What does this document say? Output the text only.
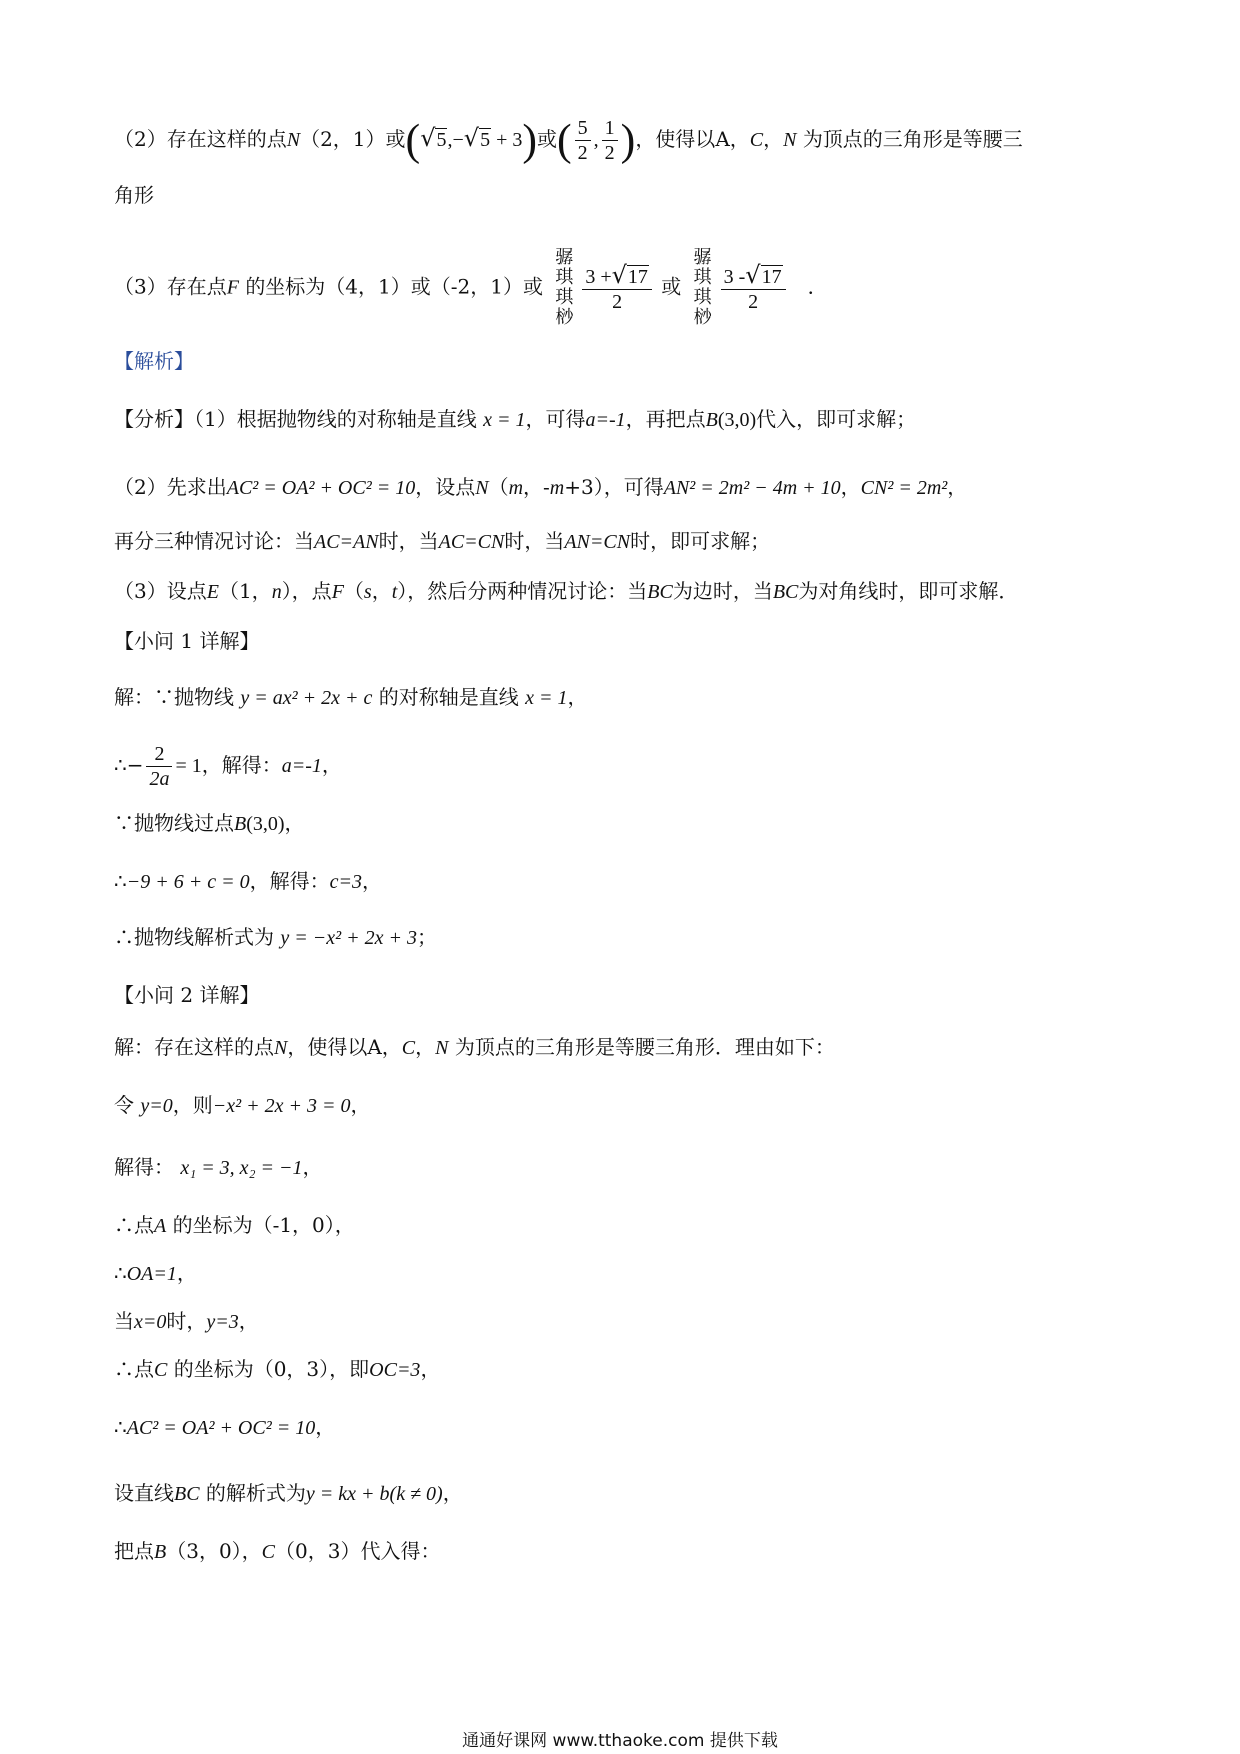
（2）存在这样的点N（2，1）或(√5,−√5 + 3)或( $\frac{5}{2}$ , $\frac{1}{2}$ )，使得以A，C，N 为顶点的三角形是等腰三
角形
（3）存在点F 的坐标为（4，1）或（-2，1）或
骣
琪
琪
桫
$\frac{3 +√17}{2}$ 或
骣
琪
琪
桫
$\frac{3 -√17}{2}$ ．
【解析】
【分析】（1）根据抛物线的对称轴是直线 x = 1，可得a=-1，再把点B(3,0)代入，即可求解；
（2）先求出AC² = OA² + OC² = 10，设点N（m，-m+3），可得AN² = 2m² − 4m + 10，CN² = 2m²，
再分三种情况讨论：当AC=AN时，当AC=CN时，当AN=CN时，即可求解；
（3）设点E（1，n），点F（s，t），然后分两种情况讨论：当BC为边时，当BC为对角线时，即可求解．
【小问 1 详解】
解：∵抛物线 y = ax² + 2x + c 的对称轴是直线 x = 1，
∴− $\frac{2}{2a} = 1$，解得：a=-1，
∵抛物线过点B(3,0)，
∴−9 + 6 + c = 0，解得：c=3，
∴抛物线解析式为 y = −x² + 2x + 3；
【小问 2 详解】
解：存在这样的点N，使得以A，C，N 为顶点的三角形是等腰三角形．理由如下：
令 y=0，则−x² + 2x + 3 = 0，
解得： x₁ = 3, x₂ = −1，
∴点A 的坐标为（-1，0），
∴OA=1，
当x=0时，y=3，
∴点C 的坐标为（0，3），即OC=3，
∴AC² = OA² + OC² = 10，
设直线BC 的解析式为y = kx + b(k ≠ 0)，
把点B（3，0），C（0，3）代入得：
通通好课网 www.tthaoke.com 提供下载
